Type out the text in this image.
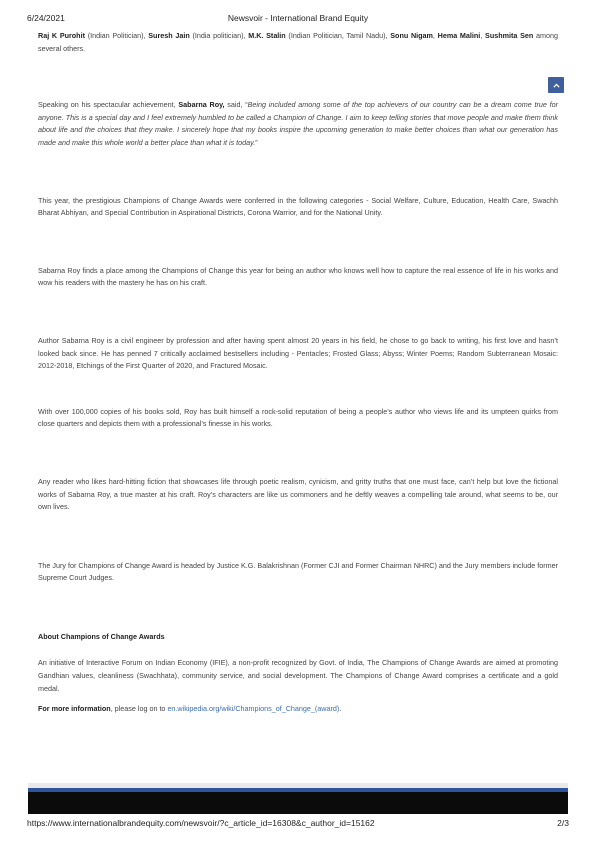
6/24/2021	Newsvoir - International Brand Equity

Raj K Purohit (Indian Politician), Suresh Jain (India politician), M.K. Stalin (Indian Politician, Tamil Nadu), Sonu Nigam, Hema Malini, Sushmita Sen among several others.

Speaking on his spectacular achievement, Sabarna Roy, said, “Being included among some of the top achievers of our country can be a dream come true for anyone. This is a special day and I feel extremely humbled to be called a Champion of Change. I aim to keep telling stories that move people and make them think about life and the choices that they make. I sincerely hope that my books inspire the upcoming generation to make better choices than what our generation has made and make this whole world a better place than what it is today.”

This year, the prestigious Champions of Change Awards were conferred in the following categories - Social Welfare, Culture, Education, Health Care, Swachh Bharat Abhiyan, and Special Contribution in Aspirational Districts, Corona Warrior, and for the National Unity.

Sabarna Roy finds a place among the Champions of Change this year for being an author who knows well how to capture the real essence of life in his works and wow his readers with the mastery he has on his craft.

Author Sabarna Roy is a civil engineer by profession and after having spent almost 20 years in his field, he chose to go back to writing, his first love and hasn’t looked back since. He has penned 7 critically acclaimed bestsellers including - Pentacles; Frosted Glass; Abyss; Winter Poems; Random Subterranean Mosaic: 2012-2018, Etchings of the First Quarter of 2020, and Fractured Mosaic.

With over 100,000 copies of his books sold, Roy has built himself a rock-solid reputation of being a people’s author who views life and its umpteen quirks from close quarters and depicts them with a professional’s finesse in his works.

Any reader who likes hard-hitting fiction that showcases life through poetic realism, cynicism, and gritty truths that one must face, can’t help but love the fictional works of Sabarna Roy, a true master at his craft. Roy’s characters are like us commoners and he deftly weaves a compelling tale around, what seems to be, our own lives.

The Jury for Champions of Change Award is headed by Justice K.G. Balakrishnan (Former CJI and Former Chairman NHRC) and the Jury members include former Supreme Court Judges.

About Champions of Change Awards

An initiative of Interactive Forum on Indian Economy (IFIE), a non-profit recognized by Govt. of India, The Champions of Change Awards are aimed at promoting Gandhian values, cleanliness (Swachhata), community service, and social development. The Champions of Change Award comprises a certificate and a gold medal.

For more information, please log on to en.wikipedia.org/wiki/Champions_of_Change_(award).

https://www.internationalbrandequity.com/newsvoir/?c_article_id=16308&c_author_id=15162	2/3
